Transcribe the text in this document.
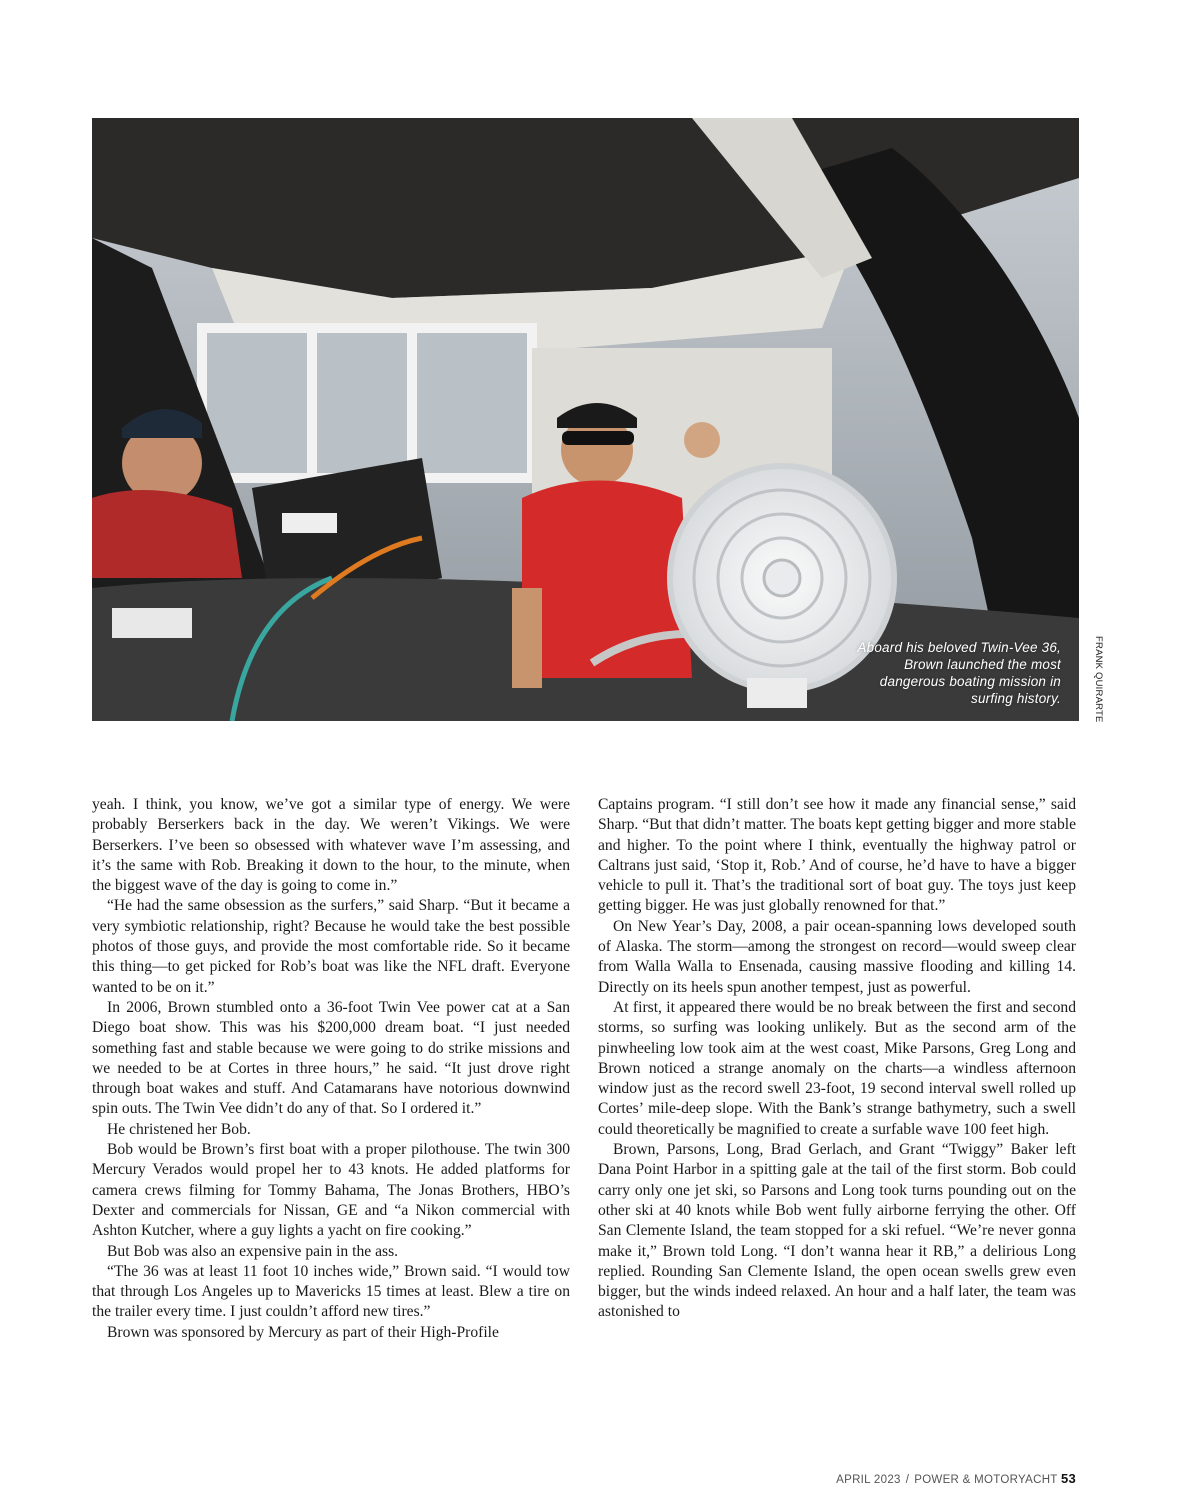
Aboard his beloved Twin-Vee 36, Brown launched the most dangerous boating mission in surfing history.	FRANK QUIRARTE

yeah. I think, you know, we’ve got a similar type of energy. We were probably Berserkers back in the day. We weren’t Vikings. We were Berserkers. I’ve been so obsessed with whatever wave I’m assessing, and it’s the same with Rob. Breaking it down to the hour, to the minute, when the biggest wave of the day is going to come in.”

“He had the same obsession as the surfers,” said Sharp. “But it became a very symbiotic relationship, right? Because he would take the best possible photos of those guys, and provide the most comfortable ride. So it became this thing—to get picked for Rob’s boat was like the NFL draft. Everyone wanted to be on it.”

In 2006, Brown stumbled onto a 36-foot Twin Vee power cat at a San Diego boat show. This was his $200,000 dream boat. “I just needed something fast and stable because we were going to do strike missions and we needed to be at Cortes in three hours,” he said. “It just drove right through boat wakes and stuff. And Catamarans have notorious downwind spin outs. The Twin Vee didn’t do any of that. So I ordered it.”

He christened her Bob.

Bob would be Brown’s first boat with a proper pilothouse. The twin 300 Mercury Verados would propel her to 43 knots. He added platforms for camera crews filming for Tommy Bahama, The Jonas Brothers, HBO’s Dexter and commercials for Nissan, GE and “a Nikon commercial with Ashton Kutcher, where a guy lights a yacht on fire cooking.”

But Bob was also an expensive pain in the ass.

“The 36 was at least 11 foot 10 inches wide,” Brown said. “I would tow that through Los Angeles up to Mavericks 15 times at least. Blew a tire on the trailer every time. I just couldn’t afford new tires.”

Brown was sponsored by Mercury as part of their High-Profile

Captains program. “I still don’t see how it made any financial sense,” said Sharp. “But that didn’t matter. The boats kept getting bigger and more stable and higher. To the point where I think, eventually the highway patrol or Caltrans just said, ‘Stop it, Rob.’ And of course, he’d have to have a bigger vehicle to pull it. That’s the traditional sort of boat guy. The toys just keep getting bigger. He was just globally renowned for that.”

On New Year’s Day, 2008, a pair ocean-spanning lows developed south of Alaska. The storm—among the strongest on record—would sweep clear from Walla Walla to Ensenada, causing massive flooding and killing 14. Directly on its heels spun another tempest, just as powerful.

At first, it appeared there would be no break between the first and second storms, so surfing was looking unlikely. But as the second arm of the pinwheeling low took aim at the west coast, Mike Parsons, Greg Long and Brown noticed a strange anomaly on the charts—a windless afternoon window just as the record swell 23-foot, 19 second interval swell rolled up Cortes’ mile-deep slope. With the Bank’s strange bathymetry, such a swell could theoretically be magnified to create a surfable wave 100 feet high.

Brown, Parsons, Long, Brad Gerlach, and Grant “Twiggy” Baker left Dana Point Harbor in a spitting gale at the tail of the first storm. Bob could carry only one jet ski, so Parsons and Long took turns pounding out on the other ski at 40 knots while Bob went fully airborne ferrying the other. Off San Clemente Island, the team stopped for a ski refuel. “We’re never gonna make it,” Brown told Long. “I don’t wanna hear it RB,” a delirious Long replied. Rounding San Clemente Island, the open ocean swells grew even bigger, but the winds indeed relaxed. An hour and a half later, the team was astonished to

APRIL 2023 / POWER & MOTORYACHT 53
